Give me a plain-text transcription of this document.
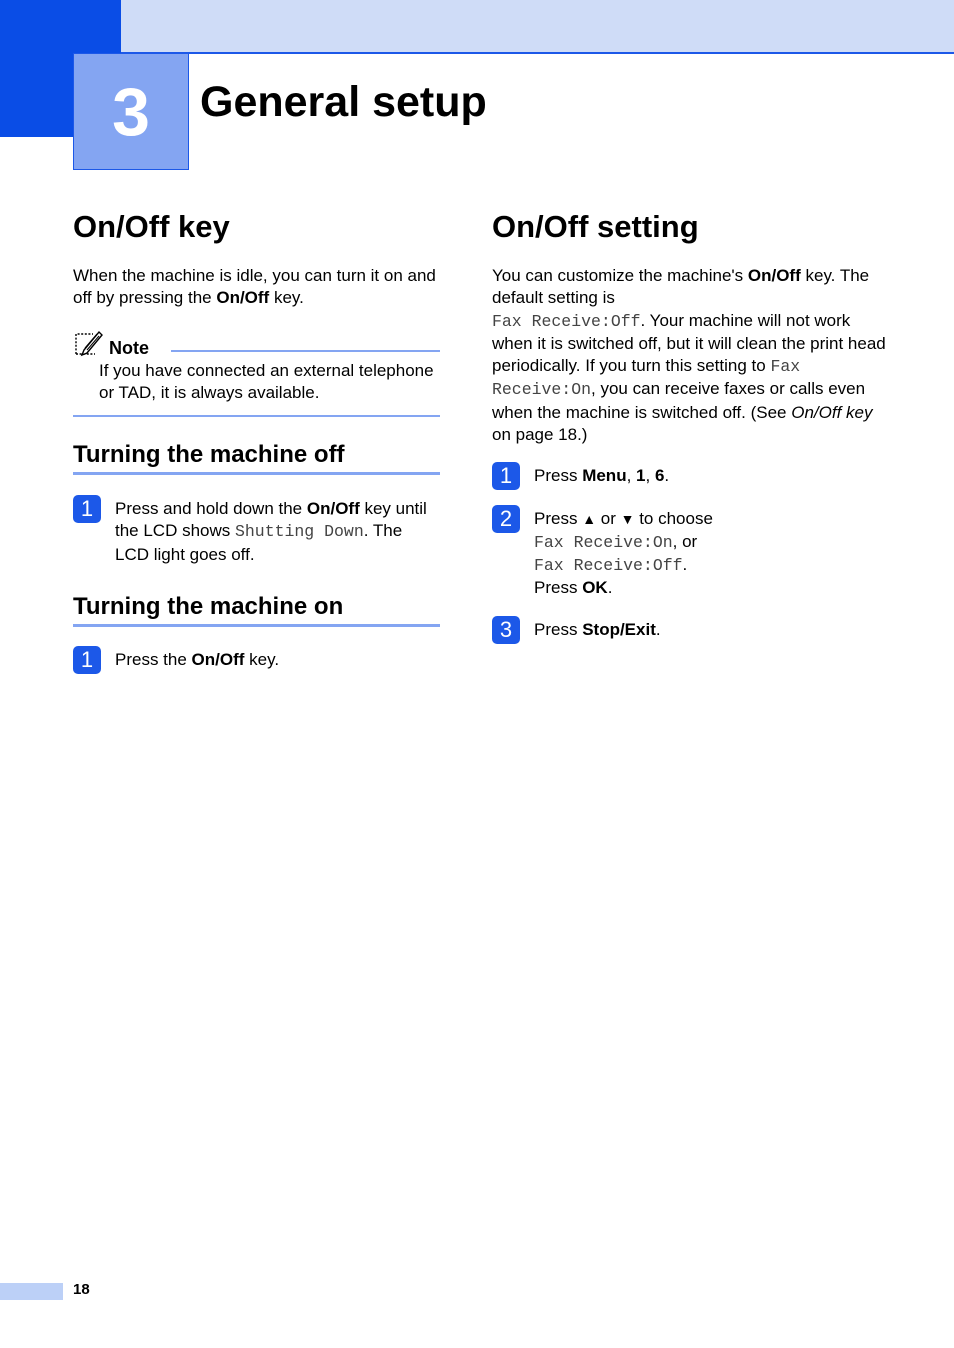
3 General setup
On/Off key

When the machine is idle, you can turn it on and off by pressing the On/Off key.

Note
If you have connected an external telephone or TAD, it is always available.
Turning the machine off
1	Press and hold down the On/Off key until the LCD shows Shutting Down. The LCD light goes off.
Turning the machine on
1	Press the On/Off key.
On/Off setting

You can customize the machine's On/Off key. The default setting is
Fax Receive:Off. Your machine will not work when it is switched off, but it will clean the print head periodically. If you turn this setting to Fax Receive:On, you can receive faxes or calls even when the machine is switched off. (See On/Off key on page 18.)

1	Press Menu, 1, 6.
2	Press ▲ or ▼ to choose
Fax Receive:On, or
Fax Receive:Off.
Press OK.
3	Press Stop/Exit.
18
